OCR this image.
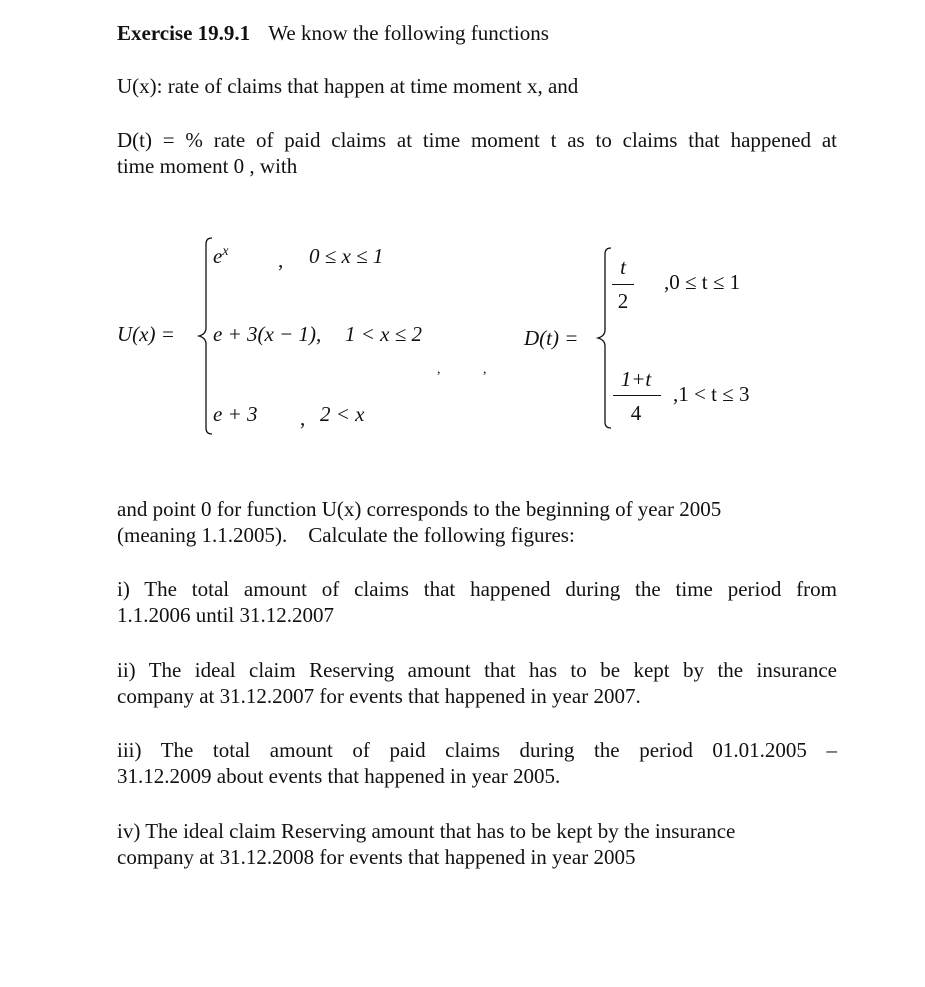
Exercise 19.9.1 We know the following functions
U(x): rate of claims that happen at time moment x, and
D(t) = % rate of paid claims at time moment t as to claims that happened at
time moment 0 , with
U(x) =
$e^x$ , 0 ≤ x ≤ 1
e + 3(x − 1), 1 < x ≤ 2
e + 3 , 2 < x
,	,
D(t) =
t
2
,0 ≤ t ≤ 1
1+t
4
,1 < t ≤ 3
and point 0 for function U(x) corresponds to the beginning of year 2005
(meaning 1.1.2005).    Calculate the following figures:
i) The total amount of claims that happened during the time period from
1.1.2006 until 31.12.2007
ii) The ideal claim Reserving amount that has to be kept by the insurance
company at 31.12.2007 for events that happened in year 2007.
iii) The total amount of paid claims during the period 01.01.2005 –
31.12.2009 about events that happened in year 2005.
iv) The ideal claim Reserving amount that has to be kept by the insurance
company at 31.12.2008 for events that happened in year 2005
